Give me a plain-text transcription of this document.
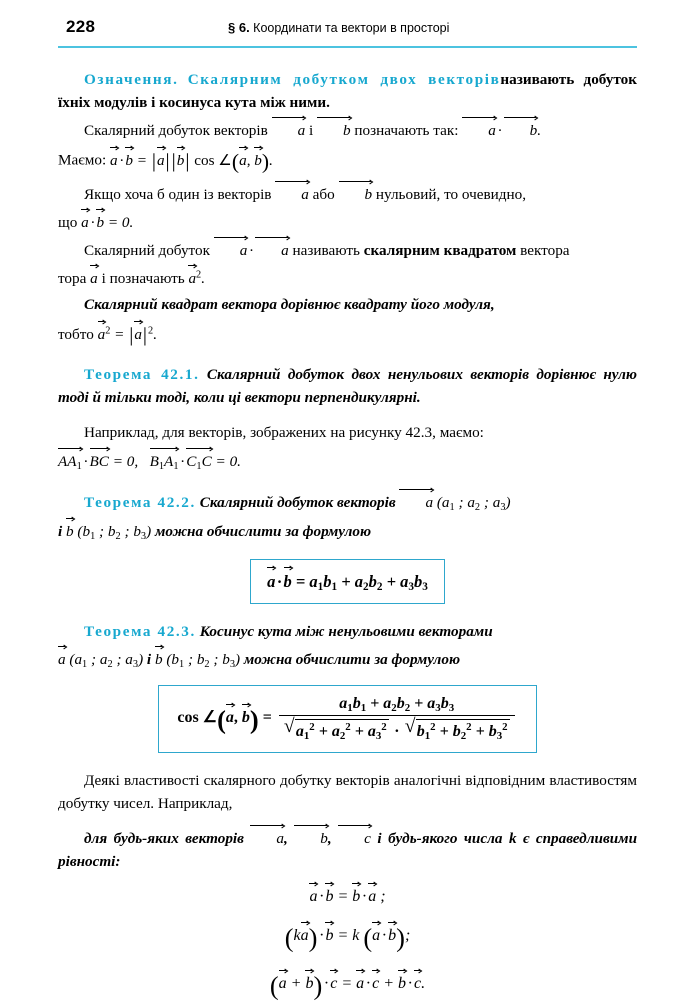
228	§ 6. Координати та вектори в просторі

Означення. Скалярним добутком двох векторівназивають добуток їхніх модулів і косинуса кута між ними.

Скалярний добуток векторів a і b позначають так: a · b.

Маємо: a · b = |a||b| cos ∠(a, b).

Якщо хоча б один із векторів a або b нульовий, то очевидно,

що a · b = 0.

Скалярний добуток a · a називають скалярним квадратом вектора

тора a і позначають $a^2$.

Скалярний квадрат вектора дорівнює квадрату його модуля,

тобто $a^2 = |a|^2$.

Теорема 42.1. Скалярний добуток двох ненульових векторів дорівнює нулю тоді й тільки тоді, коли ці вектори перпендикулярні.

Наприклад, для векторів, зображених на рисунку 42.3, маємо:

$AA_1$ · BC = 0,   $B_1A_1 \cdot C_1C = 0$.

Теорема 42.2. Скалярний добуток векторів a ($a_1$ ; $a_2$ ; $a_3$)

і b ($b_1$ ; $b_2$ ; $b_3$) можна обчислити за формулою

$a \cdot b = a_1b_1 + a_2b_2 + a_3b_3$

Теорема 42.3. Косинус кута між ненульовими векторами

a ($a_1$ ; $a_2$ ; $a_3$) і b ($b_1$ ; $b_2$ ; $b_3$) можна обчислити за формулою

cos ∠(a, b) =
$a_1b_1 + a_2b_2 + a_3b_3$
√ $a_1^2 + a_2^2 + a_3^2$ · √ $b_1^2 + b_2^2 + b_3^2$

Деякі властивості скалярного добутку векторів аналогічні відповідним властивостям добутку чисел. Наприклад,

для будь-яких векторів a, b, c і будь-якого числа k є справедливими рівності:

a · b = b · a ;
(ka) · b = k (a · b);
(a + b) · c = a · c + b · c.
